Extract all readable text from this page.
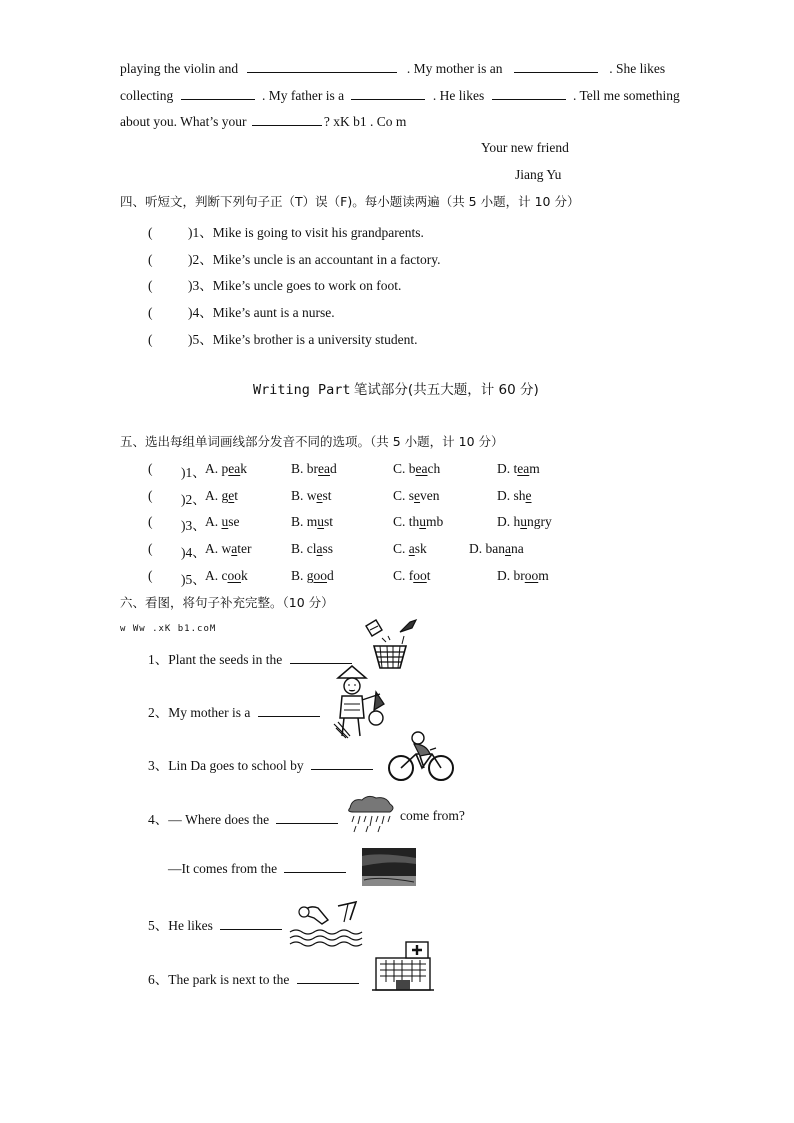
playing the violin and	. My mother is an	. She likes
collecting	. My father is a	. He likes	. Tell me something
about you. What’s your	? xK b1 . Co m
Your new friend
Jiang Yu
四、听短文，判断下列句子正（T）误（F)。每小题读两遍（共 5 小题，计 10 分）
(	)1、Mike is going to visit his grandparents.
(	)2、Mike’s uncle is an accountant in a factory.
(	)3、Mike’s uncle goes to work on foot.
(	)4、Mike’s aunt is a nurse.
(	)5、Mike’s brother is a university student.
Writing Part 笔试部分(共五大题，计 60 分)
五、选出每组单词画线部分发音不同的选项。（共 5 小题，计 10 分）
( )1、 A. peak	B. bread	C. beach	D. team
( )2、 A. get	B. west	C. seven	D. she
( )3、 A. use	B. must	C. thumb	D. hungry
( )4、 A. water	B. class	C. ask	D. banana
( )5、 A. cook	B. good	C. foot	D. broom
六、看图，将句子补充完整。（10 分）
w Ww .xK b1.coM
1、Plant the seeds in the
2、My mother is a
3、Lin Da goes to school by
4、— Where does the	come from?
—It comes from the
5、He likes
6、The park is next to the
